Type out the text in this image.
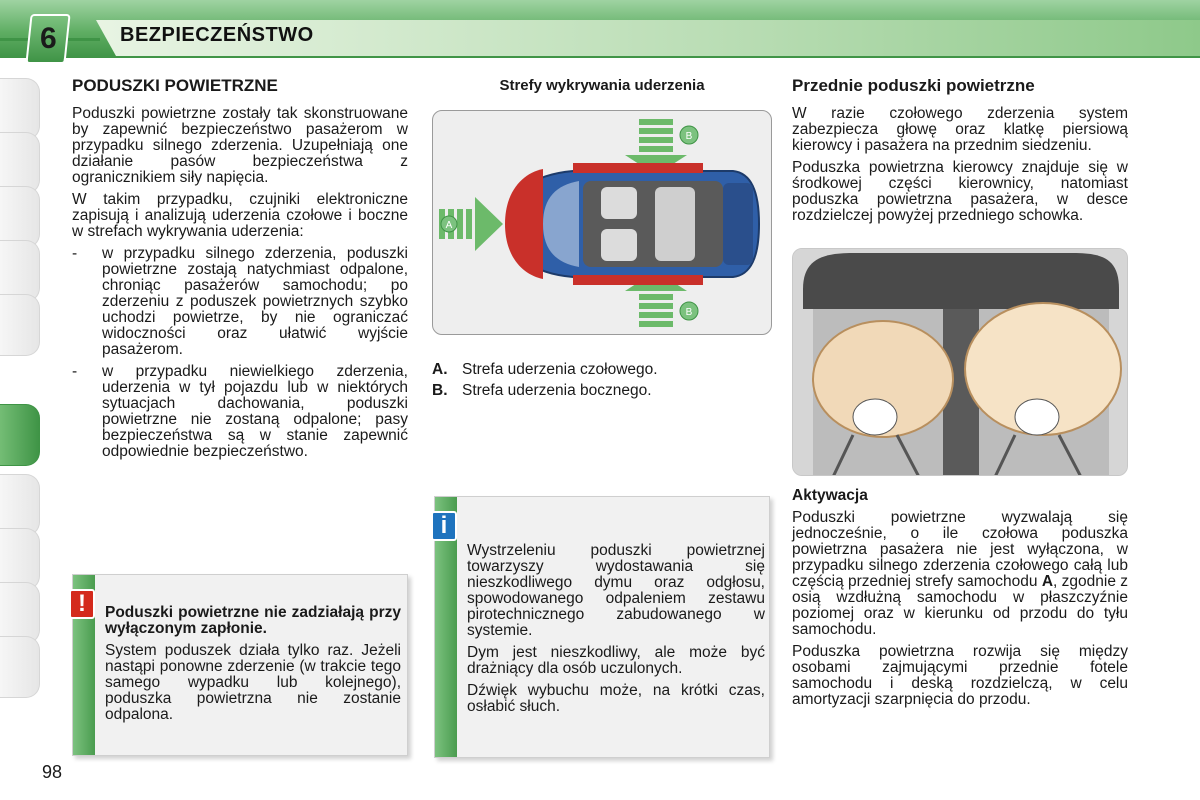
6	BEZPIECZEŃSTWO
PODUSZKI POWIETRZNE

Poduszki powietrzne zostały tak skonstruowane by zapewnić bezpieczeństwo pasażerom w przypadku silnego zderzenia. Uzupełniają one działanie pasów bezpieczeństwa z ogranicznikiem siły napięcia.

W takim przypadku, czujniki elektroniczne zapisują i analizują uderzenia czołowe i boczne w strefach wykrywania uderzenia:

- w przypadku silnego zderzenia, poduszki powietrzne zostają natychmiast odpalone, chroniąc pasażerów samochodu; po zderzeniu z poduszek powietrznych szybko uchodzi powietrze, by nie ograniczać widoczności oraz ułatwić wyjście pasażerom.
- w przypadku niewielkiego zderzenia, uderzenia w tył pojazdu lub w niektórych sytuacjach dachowania, poduszki powietrzne nie zostaną odpalone; pasy bezpieczeństwa są w stanie zapewnić odpowiednie bezpieczeństwo.
!	Poduszki powietrzne nie zadziałają przy wyłączonym zapłonie.

System poduszek działa tylko raz. Jeżeli nastąpi ponowne zderzenie (w trakcie tego samego wypadku lub kolejnego), poduszka powietrzna nie zostanie odpalona.

Strefy wykrywania uderzenia
B
B
A
A. Strefa uderzenia czołowego.
B. Strefa uderzenia bocznego.
i

Wystrzeleniu poduszki powietrznej towarzyszy wydostawania się nieszkodliwego dymu oraz odgłosu, spowodowanego odpaleniem zestawu pirotechnicznego zabudowanego w systemie.

Dym jest nieszkodliwy, ale może być drażniący dla osób uczulonych.

Dźwięk wybuchu może, na krótki czas, osłabić słuch.

Przednie poduszki powietrzne

W razie czołowego zderzenia system zabezpiecza głowę oraz klatkę piersiową kierowcy i pasażera na przednim siedzeniu.

Poduszka powietrzna kierowcy znajduje się w środkowej części kierownicy, natomiast poduszka powietrzna pasażera, w desce rozdzielczej powyżej przedniego schowka.

Aktywacja

Poduszki powietrzne wyzwalają się jednocześnie, o ile czołowa poduszka powietrzna pasażera nie jest wyłączona, w przypadku silnego zderzenia czołowego całą lub częścią przedniej strefy samochodu A, zgodnie z osią wzdłużną samochodu w płaszczyźnie poziomej oraz w kierunku od przodu do tyłu samochodu.

Poduszka powietrzna rozwija się między osobami zajmującymi przednie fotele samochodu i deską rozdzielczą, w celu amortyzacji szarpnięcia do przodu.

98
